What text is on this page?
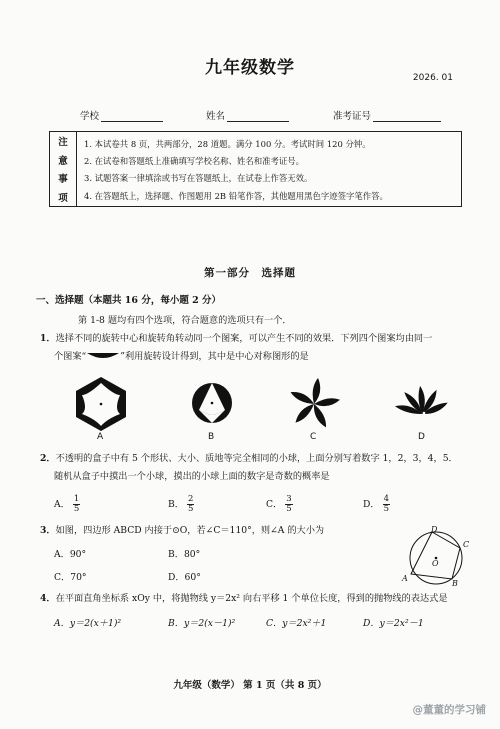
九年级数学	2026. 01
学校	姓名	准考证号
注
意
事
项
1. 本试卷共 8 页，共两部分，28 道题。满分 100 分。考试时间 120 分钟。
2. 在试卷和答题纸上准确填写学校名称、姓名和准考证号。
3. 试题答案一律填涂或书写在答题纸上，在试卷上作答无效。
4. 在答题纸上，选择题、作图题用 2B 铅笔作答，其他题用黑色字迹签字笔作答。
第一部分　选择题
一、选择题（本题共 16 分，每小题 2 分）
第 1-8 题均有四个选项，符合题意的选项只有一个．
1．选择不同的旋转中心和旋转角转动同一个图案，可以产生不同的效果．下列四个图案均由同一
个图案“	”利用旋转设计得到，其中是中心对称图形的是
A	B	C	D
2．不透明的盒子中有 5 个形状、大小、质地等完全相同的小球，上面分别写着数字 1，2，3，4，5．
随机从盒子中摸出一个小球，摸出的小球上面的数字是奇数的概率是
A． $\frac{1}{5}$	B． $\frac{2}{5}$	C． $\frac{3}{5}$	D． $\frac{4}{5}$
3．如图，四边形 ABCD 内接于⊙O，若∠C＝110°，则∠A 的大小为
A．90°	B．80°
C．70°	D．60°
D
C
B
A
O
4．在平面直角坐标系 xOy 中，将抛物线 y＝2x² 向右平移 1 个单位长度，得到的抛物线的表达式是
A．y＝2(x＋1)²	B．y＝2(x－1)²	C．y＝2x²＋1	D．y＝2x²－1
九年级（数学） 第 1 页（共 8 页）
@董董的学习铺
